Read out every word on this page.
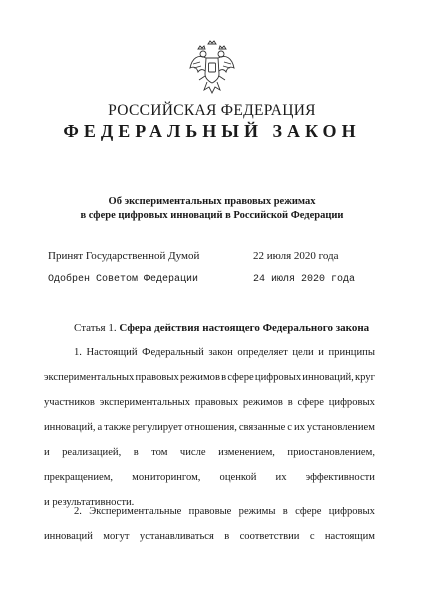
РОССИЙСКАЯ ФЕДЕРАЦИЯ
ФЕДЕРАЛЬНЫЙ ЗАКОН
Об экспериментальных правовых режимах
в сфере цифровых инноваций в Российской Федерации
Принят Государственной Думой	22 июля 2020 года
Одобрен Советом Федерации	24 июля 2020 года
Статья 1. Сфера действия настоящего Федерального закона
1. Настоящий Федеральный закон определяет цели и принципы
экспериментальных правовых режимов в сфере цифровых инноваций, круг
участников экспериментальных правовых режимов в сфере цифровых
инноваций, а также регулирует отношения, связанные с их установлением
и реализацией, в том числе изменением, приостановлением,
прекращением, мониторингом, оценкой их эффективности
и результативности.
2. Экспериментальные правовые режимы в сфере цифровых
инноваций могут устанавливаться в соответствии с настоящим
